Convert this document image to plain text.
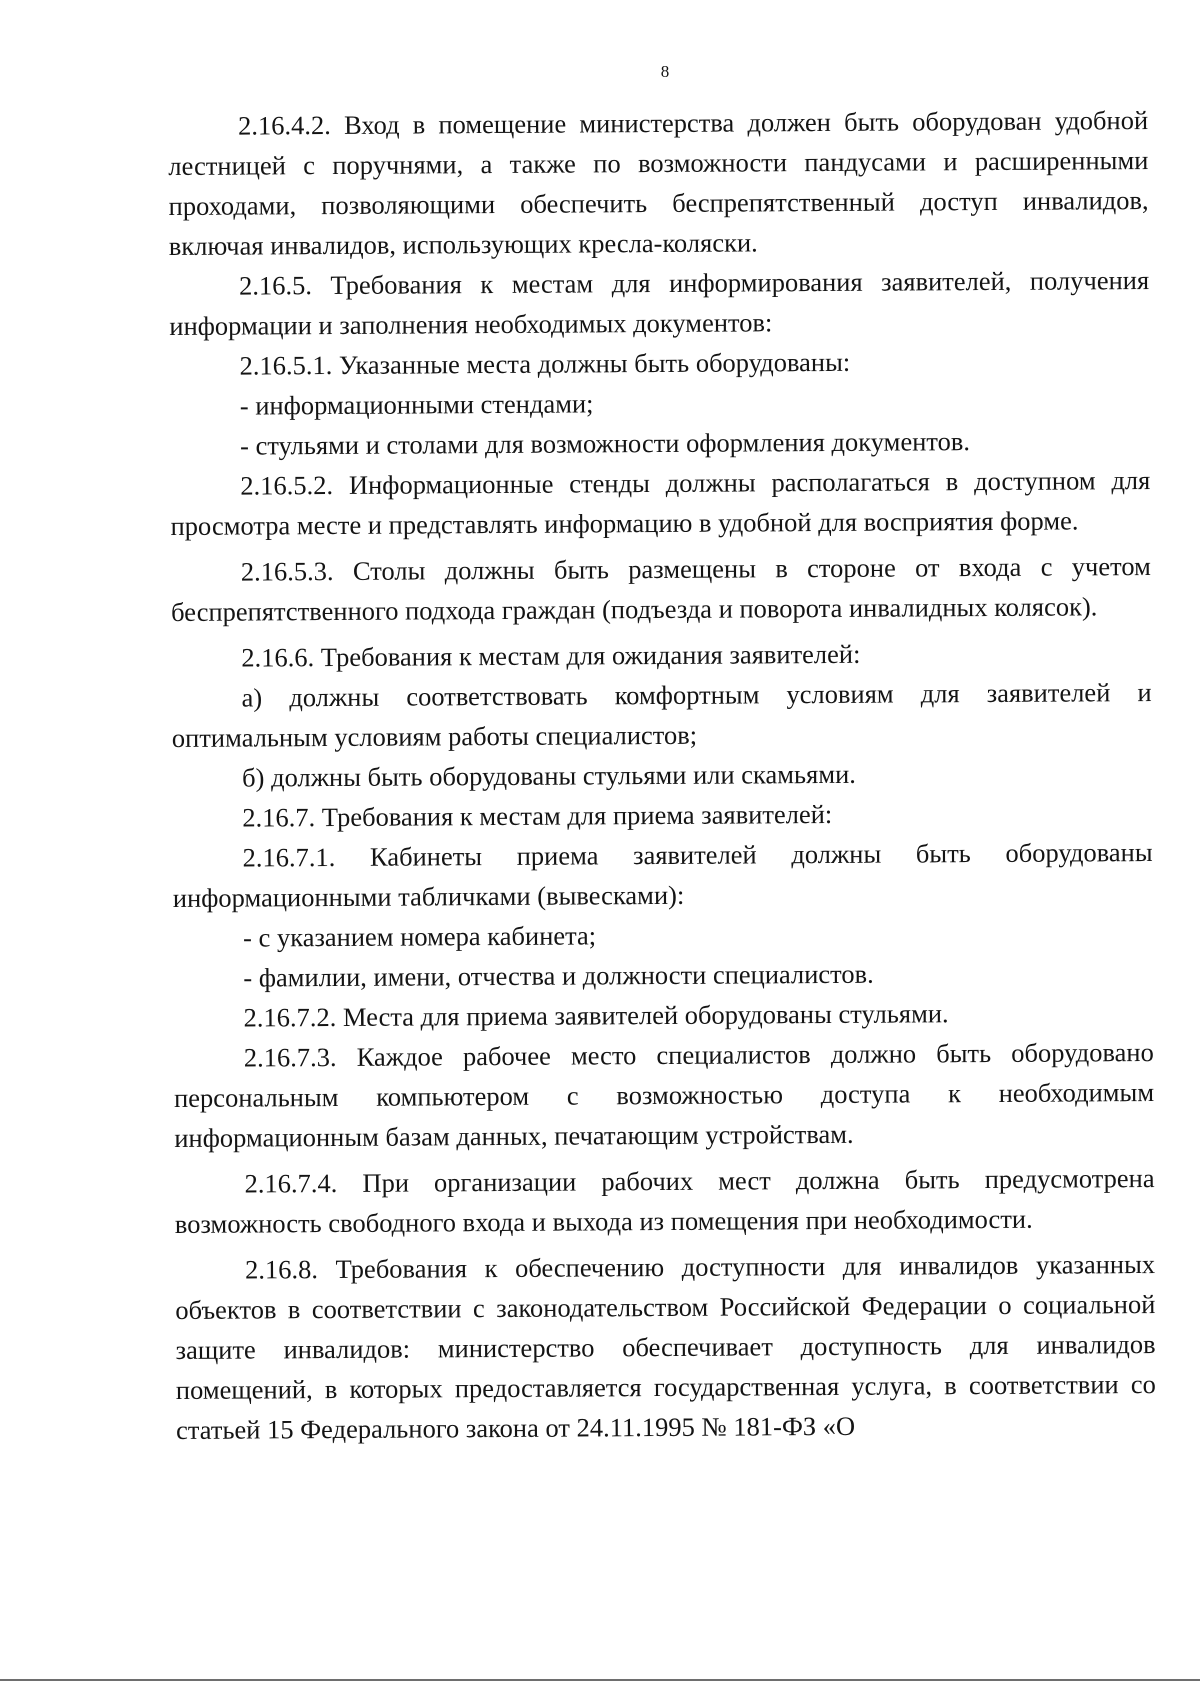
8

2.16.4.2. Вход в помещение министерства должен быть оборудован удобной лестницей с поручнями, а также по возможности пандусами и расширенными проходами, позволяющими обеспечить беспрепятственный доступ инвалидов, включая инвалидов, использующих кресла-коляски.

2.16.5. Требования к местам для информирования заявителей, получения информации и заполнения необходимых документов:

2.16.5.1. Указанные места должны быть оборудованы:

- информационными стендами;

- стульями и столами для возможности оформления документов.

2.16.5.2. Информационные стенды должны располагаться в доступном для просмотра месте и представлять информацию в удобной для восприятия форме.

2.16.5.3. Столы должны быть размещены в стороне от входа с учетом беспрепятственного подхода граждан (подъезда и поворота инвалидных колясок).

2.16.6. Требования к местам для ожидания заявителей:

а) должны соответствовать комфортным условиям для заявителей и оптимальным условиям работы специалистов;

б) должны быть оборудованы стульями или скамьями.

2.16.7. Требования к местам для приема заявителей:

2.16.7.1. Кабинеты приема заявителей должны быть оборудованы информационными табличками (вывесками):

- с указанием номера кабинета;

- фамилии, имени, отчества и должности специалистов.

2.16.7.2. Места для приема заявителей оборудованы стульями.

2.16.7.3. Каждое рабочее место специалистов должно быть оборудовано персональным компьютером с возможностью доступа к необходимым информационным базам данных, печатающим устройствам.

2.16.7.4. При организации рабочих мест должна быть предусмотрена возможность свободного входа и выхода из помещения при необходимости.

2.16.8. Требования к обеспечению доступности для инвалидов указанных объектов в соответствии с законодательством Российской Федерации о социальной защите инвалидов: министерство обеспечивает доступность для инвалидов помещений, в которых предоставляется государственная услуга, в соответствии со статьей 15 Федерального закона от 24.11.1995 № 181-ФЗ «О
